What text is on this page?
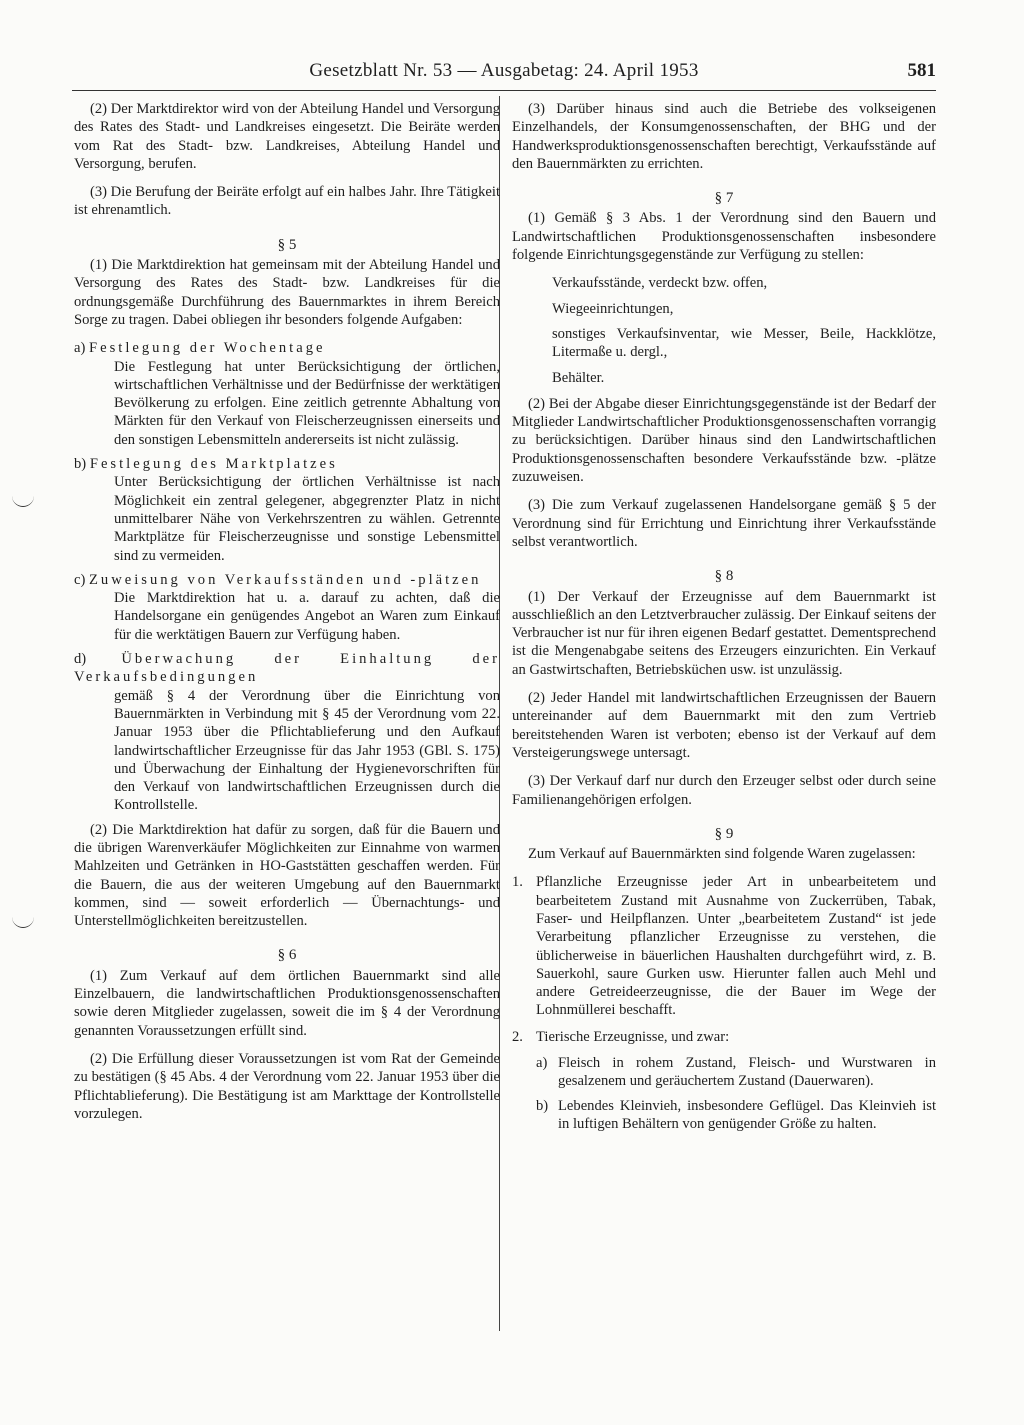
Gesetzblatt Nr. 53 — Ausgabetag: 24. April 1953	581

(2) Der Marktdirektor wird von der Abteilung Handel und Versorgung des Rates des Stadt- und Landkreises eingesetzt. Die Beiräte werden vom Rat des Stadt- bzw. Landkreises, Abteilung Handel und Versorgung, berufen.

(3) Die Berufung der Beiräte erfolgt auf ein halbes Jahr. Ihre Tätigkeit ist ehrenamtlich.

§ 5

(1) Die Marktdirektion hat gemeinsam mit der Abteilung Handel und Versorgung des Rates des Stadt- bzw. Landkreises für die ordnungsgemäße Durchführung des Bauernmarktes in ihrem Bereich Sorge zu tragen. Dabei obliegen ihr besonders folgende Aufgaben:

a) Festlegung der Wochentage
Die Festlegung hat unter Berücksichtigung der örtlichen, wirtschaftlichen Verhältnisse und der Bedürfnisse der werktätigen Bevölkerung zu erfolgen. Eine zeitlich getrennte Abhaltung von Märkten für den Verkauf von Fleischerzeugnissen einerseits und den sonstigen Lebensmitteln andererseits ist nicht zulässig.
b) Festlegung des Marktplatzes
Unter Berücksichtigung der örtlichen Verhältnisse ist nach Möglichkeit ein zentral gelegener, abgegrenzter Platz in nicht unmittelbarer Nähe von Verkehrszentren zu wählen. Getrennte Marktplätze für Fleischerzeugnisse und sonstige Lebensmittel sind zu vermeiden.
c) Zuweisung von Verkaufsständen und -plätzen
Die Marktdirektion hat u. a. darauf zu achten, daß die Handelsorgane ein genügendes Angebot an Waren zum Einkauf für die werktätigen Bauern zur Verfügung haben.
d) Überwachung der Einhaltung der Verkaufsbedingungen
gemäß § 4 der Verordnung über die Einrichtung von Bauernmärkten in Verbindung mit § 45 der Verordnung vom 22. Januar 1953 über die Pflichtablieferung und den Aufkauf landwirtschaftlicher Erzeugnisse für das Jahr 1953 (GBl. S. 175) und Überwachung der Einhaltung der Hygienevorschriften für den Verkauf von landwirtschaftlichen Erzeugnissen durch die Kontrollstelle.

(2) Die Marktdirektion hat dafür zu sorgen, daß für die Bauern und die übrigen Warenverkäufer Möglichkeiten zur Einnahme von warmen Mahlzeiten und Getränken in HO-Gaststätten geschaffen werden. Für die Bauern, die aus der weiteren Umgebung auf den Bauernmarkt kommen, sind — soweit erforderlich — Übernachtungs- und Unterstellmöglichkeiten bereitzustellen.

§ 6

(1) Zum Verkauf auf dem örtlichen Bauernmarkt sind alle Einzelbauern, die landwirtschaftlichen Produktionsgenossenschaften sowie deren Mitglieder zugelassen, soweit die im § 4 der Verordnung genannten Voraussetzungen erfüllt sind.

(2) Die Erfüllung dieser Voraussetzungen ist vom Rat der Gemeinde zu bestätigen (§ 45 Abs. 4 der Verordnung vom 22. Januar 1953 über die Pflichtablieferung). Die Bestätigung ist am Markttage der Kontrollstelle vorzulegen.

(3) Darüber hinaus sind auch die Betriebe des volkseigenen Einzelhandels, der Konsumgenossenschaften, der BHG und der Handwerksproduktionsgenossenschaften berechtigt, Verkaufsstände auf den Bauernmärkten zu errichten.

§ 7

(1) Gemäß § 3 Abs. 1 der Verordnung sind den Bauern und Landwirtschaftlichen Produktionsgenossenschaften insbesondere folgende Einrichtungsgegenstände zur Verfügung zu stellen:

Verkaufsstände, verdeckt bzw. offen,
Wiegeeinrichtungen,
sonstiges Verkaufsinventar, wie Messer, Beile, Hackklötze, Litermaße u. dergl.,
Behälter.

(2) Bei der Abgabe dieser Einrichtungsgegenstände ist der Bedarf der Mitglieder Landwirtschaftlicher Produktionsgenossenschaften vorrangig zu berücksichtigen. Darüber hinaus sind den Landwirtschaftlichen Produktionsgenossenschaften besondere Verkaufsstände bzw. -plätze zuzuweisen.

(3) Die zum Verkauf zugelassenen Handelsorgane gemäß § 5 der Verordnung sind für Errichtung und Einrichtung ihrer Verkaufsstände selbst verantwortlich.

§ 8

(1) Der Verkauf der Erzeugnisse auf dem Bauernmarkt ist ausschließlich an den Letztverbraucher zulässig. Der Einkauf seitens der Verbraucher ist nur für ihren eigenen Bedarf gestattet. Dementsprechend ist die Mengenabgabe seitens des Erzeugers einzurichten. Ein Verkauf an Gastwirtschaften, Betriebsküchen usw. ist unzulässig.

(2) Jeder Handel mit landwirtschaftlichen Erzeugnissen der Bauern untereinander auf dem Bauernmarkt mit den zum Vertrieb bereitstehenden Waren ist verboten; ebenso ist der Verkauf auf dem Versteigerungswege untersagt.

(3) Der Verkauf darf nur durch den Erzeuger selbst oder durch seine Familienangehörigen erfolgen.

§ 9

Zum Verkauf auf Bauernmärkten sind folgende Waren zugelassen:

1. Pflanzliche Erzeugnisse jeder Art in unbearbeitetem und bearbeitetem Zustand mit Ausnahme von Zuckerrüben, Tabak, Faser- und Heilpflanzen. Unter „bearbeitetem Zustand“ ist jede Verarbeitung pflanzlicher Erzeugnisse zu verstehen, die üblicherweise in bäuerlichen Haushalten durchgeführt wird, z. B. Sauerkohl, saure Gurken usw. Hierunter fallen auch Mehl und andere Getreideerzeugnisse, die der Bauer im Wege der Lohnmüllerei beschafft.
2. Tierische Erzeugnisse, und zwar:
a) Fleisch in rohem Zustand, Fleisch- und Wurstwaren in gesalzenem und geräuchertem Zustand (Dauerwaren).
b) Lebendes Kleinvieh, insbesondere Geflügel. Das Kleinvieh ist in luftigen Behältern von genügender Größe zu halten.
